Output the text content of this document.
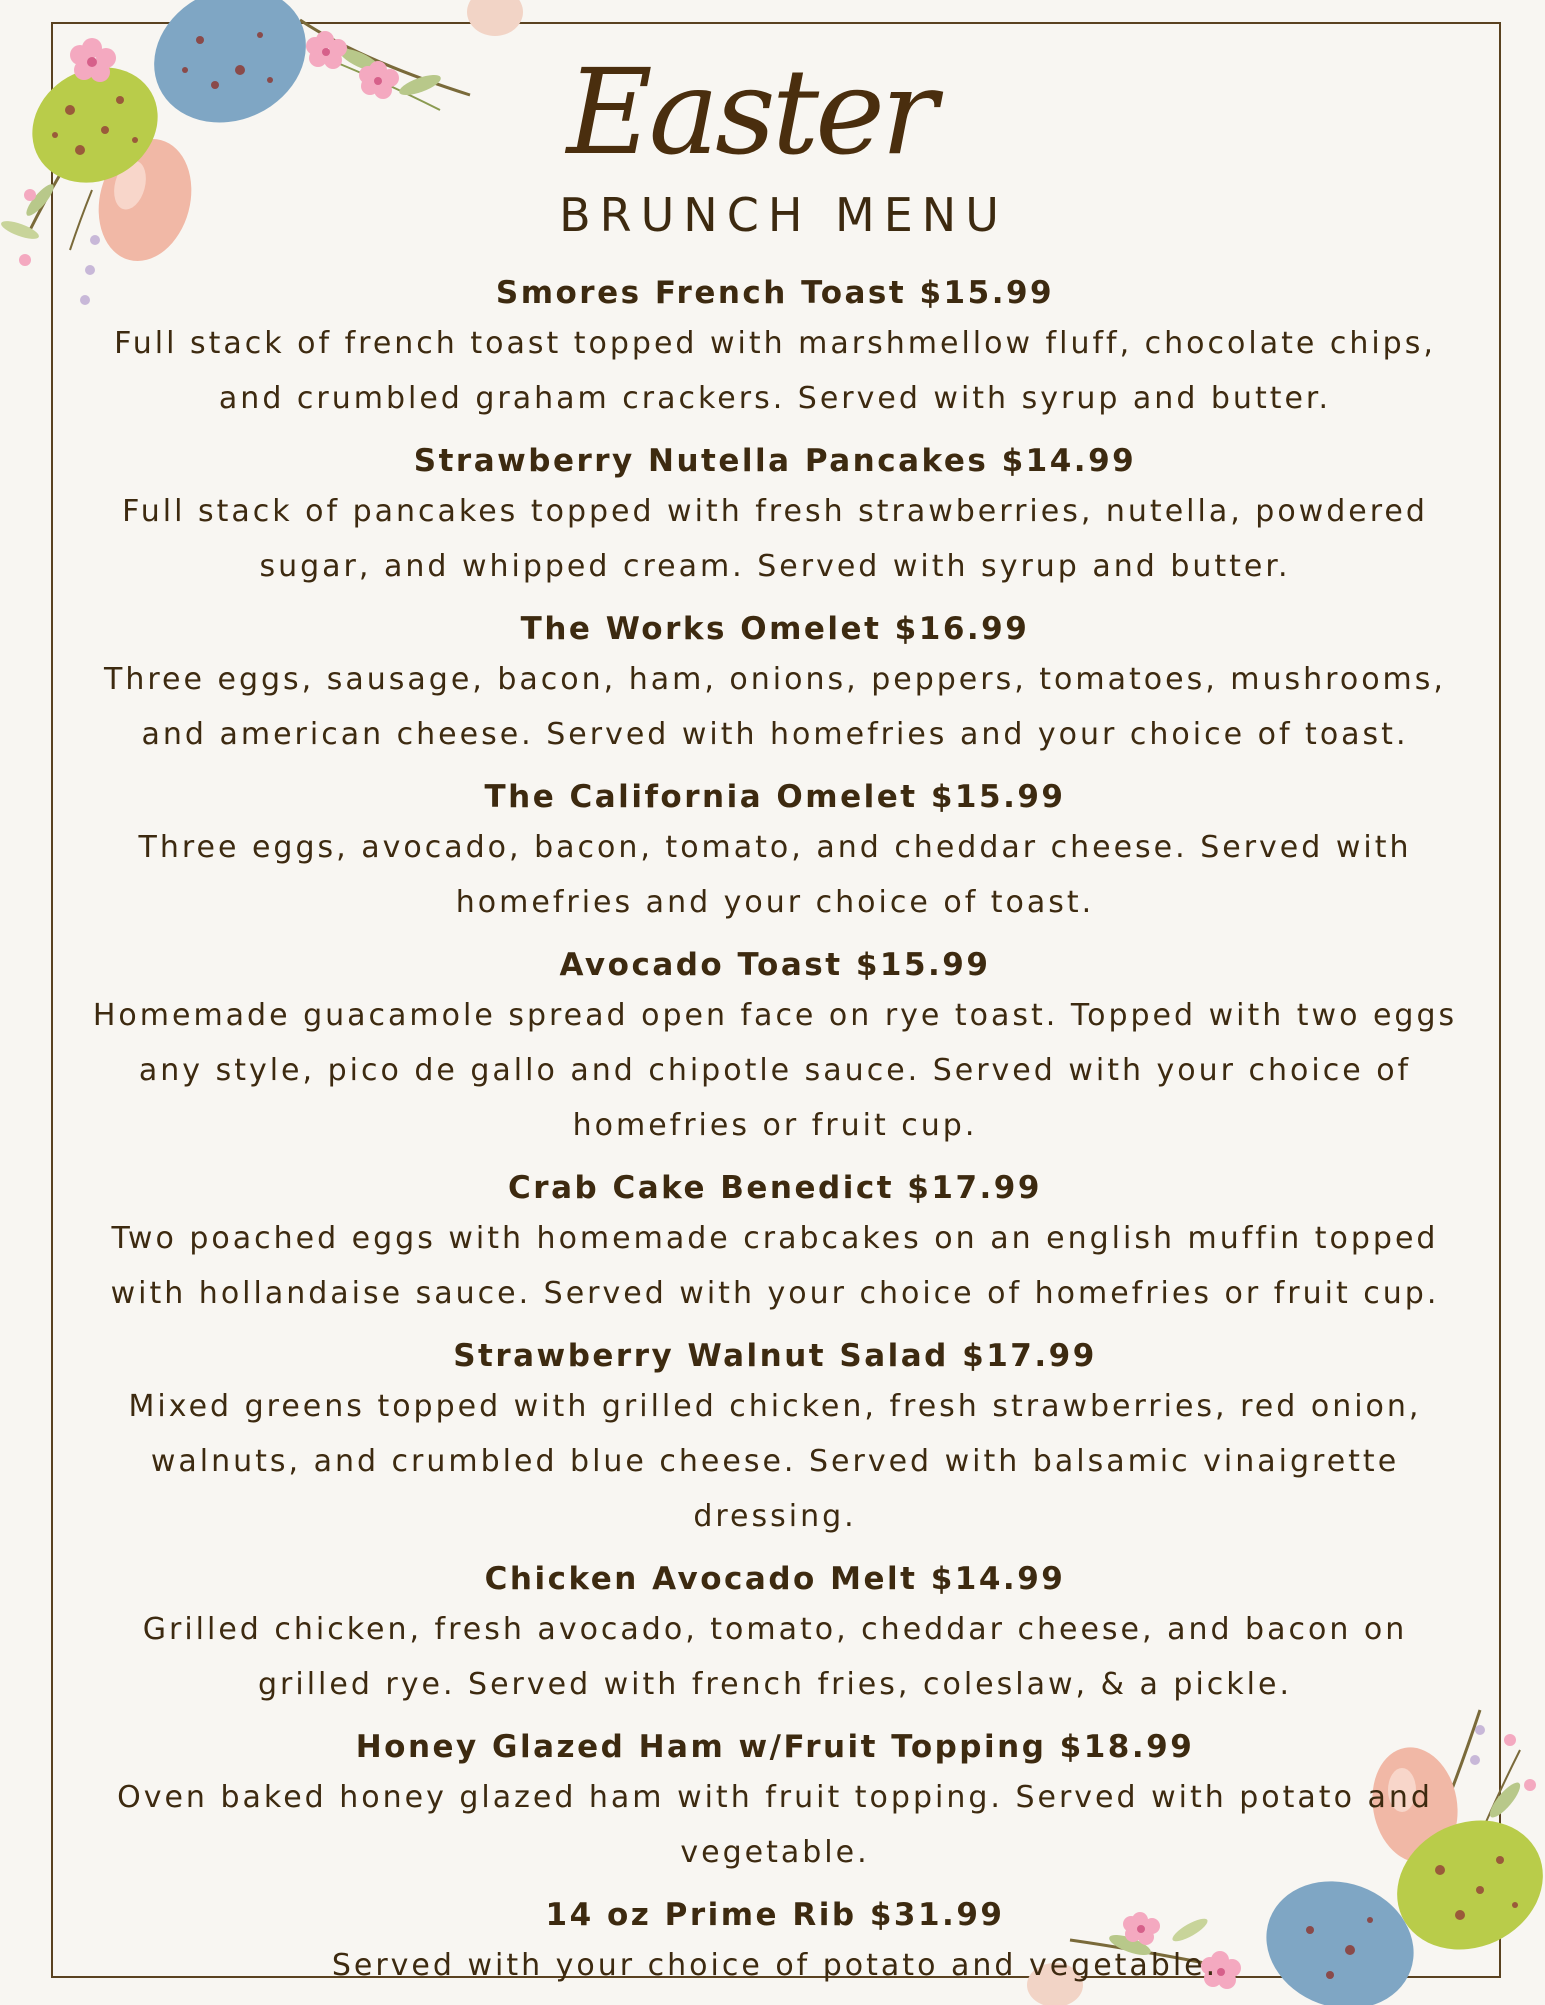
Easter
BRUNCH MENU
Smores French Toast $15.99
Full stack of french toast topped with marshmellow fluff, chocolate chips, and crumbled graham crackers. Served with syrup and butter.
Strawberry Nutella Pancakes $14.99
Full stack of pancakes topped with fresh strawberries, nutella, powdered sugar, and whipped cream. Served with syrup and butter.
The Works Omelet $16.99
Three eggs, sausage, bacon, ham, onions, peppers, tomatoes, mushrooms, and american cheese. Served with homefries and your choice of toast.
The California Omelet $15.99
Three eggs, avocado, bacon, tomato, and cheddar cheese. Served with homefries and your choice of toast.
Avocado Toast $15.99
Homemade guacamole spread open face on rye toast. Topped with two eggs any style, pico de gallo and chipotle sauce. Served with your choice of homefries or fruit cup.
Crab Cake Benedict $17.99
Two poached eggs with homemade crabcakes on an english muffin topped with hollandaise sauce. Served with your choice of homefries or fruit cup.
Strawberry Walnut Salad $17.99
Mixed greens topped with grilled chicken, fresh strawberries, red onion, walnuts, and crumbled blue cheese. Served with balsamic vinaigrette dressing.
Chicken Avocado Melt $14.99
Grilled chicken, fresh avocado, tomato, cheddar cheese, and bacon on grilled rye. Served with french fries, coleslaw, & a pickle.
Honey Glazed Ham w/Fruit Topping $18.99
Oven baked honey glazed ham with fruit topping. Served with potato and vegetable.
14 oz Prime Rib $31.99
Served with your choice of potato and vegetable.
